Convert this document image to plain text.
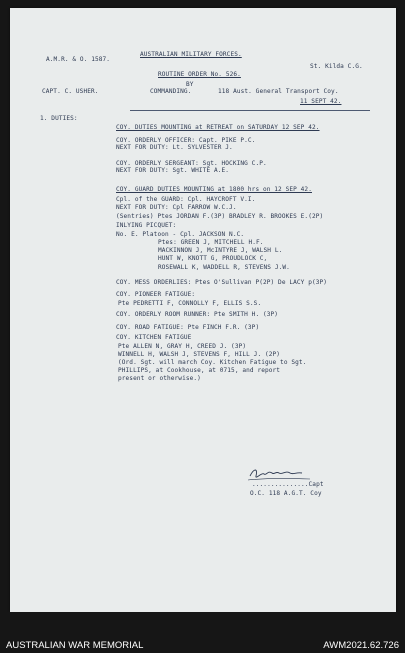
A.M.R. & O. 1587.

AUSTRALIAN MILITARY FORCES.

St. Kilda C.G.

ROUTINE ORDER No. 526.

BY

CAPT. C. USHER.	COMMANDING.	118 Aust. General Transport Coy.

11 SEPT 42.

1. DUTIES:

COY. DUTIES MOUNTING at RETREAT on SATURDAY 12 SEP 42.

COY. ORDERLY OFFICER: Capt. PIKE P.C.

NEXT FOR DUTY: Lt. SYLVESTER J.

COY. ORDERLY SERGEANT: Sgt. HOCKING C.P.

NEXT FOR DUTY: Sgt. WHITE A.E.

COY. GUARD DUTIES MOUNTING at 1800 hrs on 12 SEP 42.

Cpl. of the GUARD: Cpl. HAYCROFT V.I.

NEXT FOR DUTY: Cpl FARROW W.C.J.

(Sentries) Ptes JORDAN F.(3P) BRADLEY R. BROOKES E.(2P)

INLYING PICQUET:

No. E. Platoon - Cpl. JACKSON N.C.

Ptes: GREEN J, MITCHELL H.F.

MACKINNON J, McINTYRE J, WALSH L.

HUNT W, KNOTT G, PROUDLOCK C,

ROSEWALL K, WADDELL R, STEVENS J.W.

COY. MESS ORDERLIES: Ptes O'Sullivan P(2P) De LACY p(3P)

COY. PIONEER FATIGUE:

Pte PEDRETTI F, CONNOLLY F, ELLIS S.S.

COY. ORDERLY ROOM RUNNER: Pte SMITH H. (3P)

COY. ROAD FATIGUE: Pte FINCH F.R. (3P)

COY. KITCHEN FATIGUE

Pte ALLEN N, GRAY H, CREED J. (3P)

WINNELL H, WALSH J, STEVENS F, HILL J. (2P)

(Ord. Sgt. will march Coy. Kitchen Fatigue to Sgt.

PHILLIPS, at Cookhouse, at 0715, and report

present or otherwise.)

...............Capt

O.C. 118 A.G.T. Coy

AUSTRALIAN WAR MEMORIAL	AWM2021.62.726
